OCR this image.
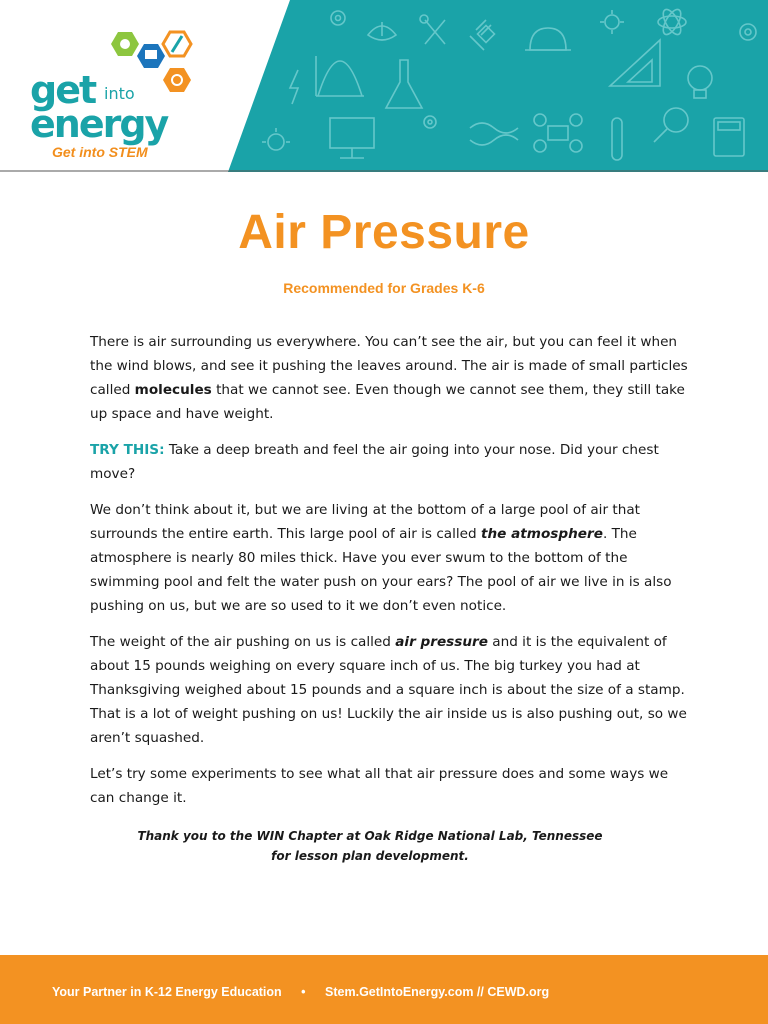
get into
energy
Get into STEM
Air Pressure
Recommended for Grades K-6

There is air surrounding us everywhere. You can’t see the air, but you can feel it when the wind blows, and see it pushing the leaves around. The air is made of small particles called molecules that we cannot see. Even though we cannot see them, they still take up space and have weight.

TRY THIS: Take a deep breath and feel the air going into your nose. Did your chest move?

We don’t think about it, but we are living at the bottom of a large pool of air that surrounds the entire earth. This large pool of air is called the atmosphere. The atmosphere is nearly 80 miles thick. Have you ever swum to the bottom of the swimming pool and felt the water push on your ears? The pool of air we live in is also pushing on us, but we are so used to it we don’t even notice.

The weight of the air pushing on us is called air pressure and it is the equivalent of about 15 pounds weighing on every square inch of us. The big turkey you had at Thanksgiving weighed about 15 pounds and a square inch is about the size of a stamp. That is a lot of weight pushing on us! Luckily the air inside us is also pushing out, so we aren’t squashed.

Let’s try some experiments to see what all that air pressure does and some ways we can change it.

Thank you to the WIN Chapter at Oak Ridge National Lab, Tennessee
for lesson plan development.
Your Partner in K-12 Energy Education • Stem.GetIntoEnergy.com // CEWD.org
